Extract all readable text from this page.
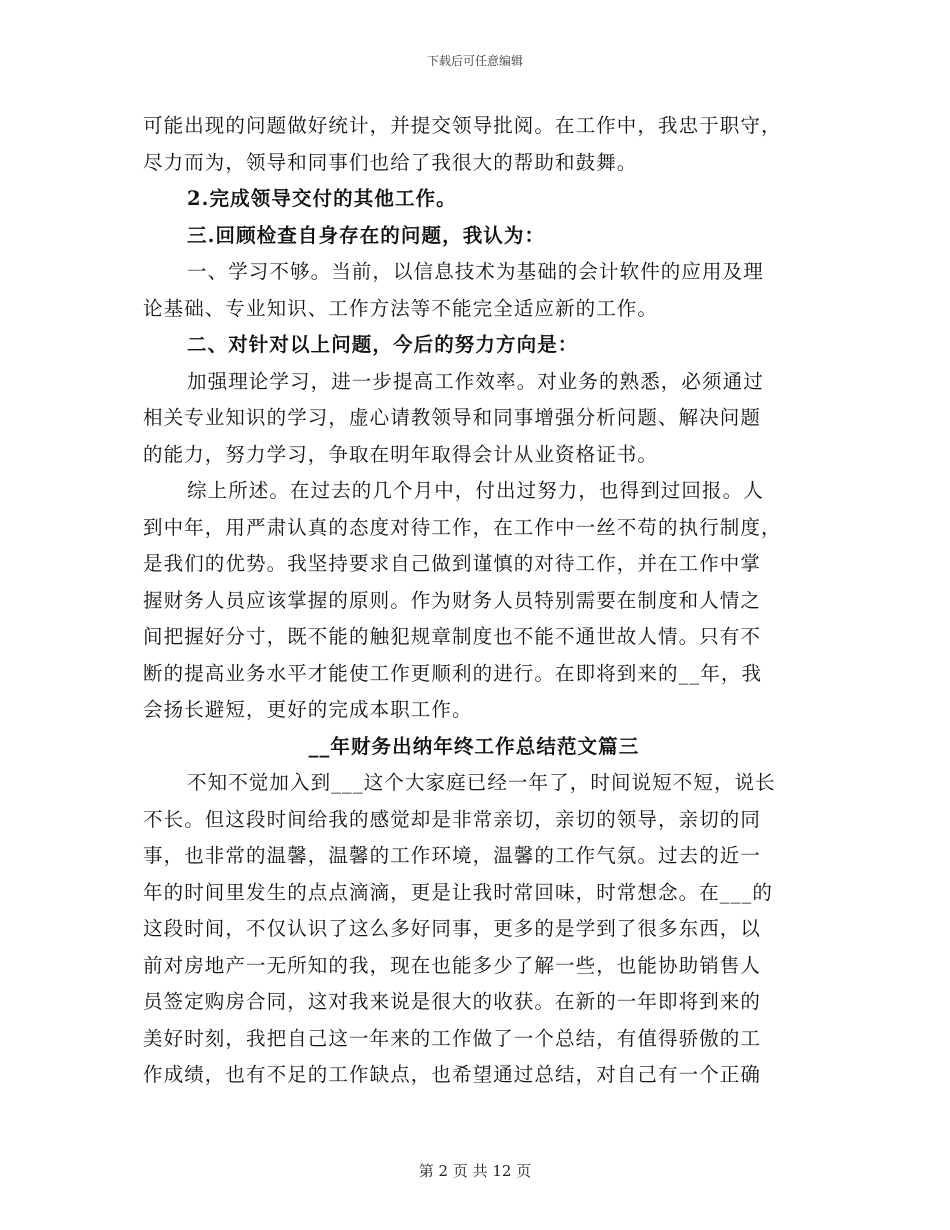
下载后可任意编辑
可能出现的问题做好统计，并提交领导批阅。在工作中，我忠于职守，
尽力而为，领导和同事们也给了我很大的帮助和鼓舞。
2.完成领导交付的其他工作。
三.回顾检查自身存在的问题，我认为：
一、学习不够。当前，以信息技术为基础的会计软件的应用及理
论基础、专业知识、工作方法等不能完全适应新的工作。
二、对针对以上问题，今后的努力方向是：
加强理论学习，进一步提高工作效率。对业务的熟悉，必须通过
相关专业知识的学习，虚心请教领导和同事增强分析问题、解决问题
的能力，努力学习，争取在明年取得会计从业资格证书。
综上所述。在过去的几个月中，付出过努力，也得到过回报。人
到中年，用严肃认真的态度对待工作，在工作中一丝不苟的执行制度，
是我们的优势。我坚持要求自己做到谨慎的对待工作，并在工作中掌
握财务人员应该掌握的原则。作为财务人员特别需要在制度和人情之
间把握好分寸，既不能的触犯规章制度也不能不通世故人情。只有不
断的提高业务水平才能使工作更顺利的进行。在即将到来的__年，我
会扬长避短，更好的完成本职工作。
__年财务出纳年终工作总结范文篇三
不知不觉加入到___这个大家庭已经一年了，时间说短不短，说长
不长。但这段时间给我的感觉却是非常亲切，亲切的领导，亲切的同
事，也非常的温馨，温馨的工作环境，温馨的工作气氛。过去的近一
年的时间里发生的点点滴滴，更是让我时常回味，时常想念。在___的
这段时间，不仅认识了这么多好同事，更多的是学到了很多东西，以
前对房地产一无所知的我，现在也能多少了解一些，也能协助销售人
员签定购房合同，这对我来说是很大的收获。在新的一年即将到来的
美好时刻，我把自己这一年来的工作做了一个总结，有值得骄傲的工
作成绩，也有不足的工作缺点，也希望通过总结，对自己有一个正确
第 2 页 共 12 页
